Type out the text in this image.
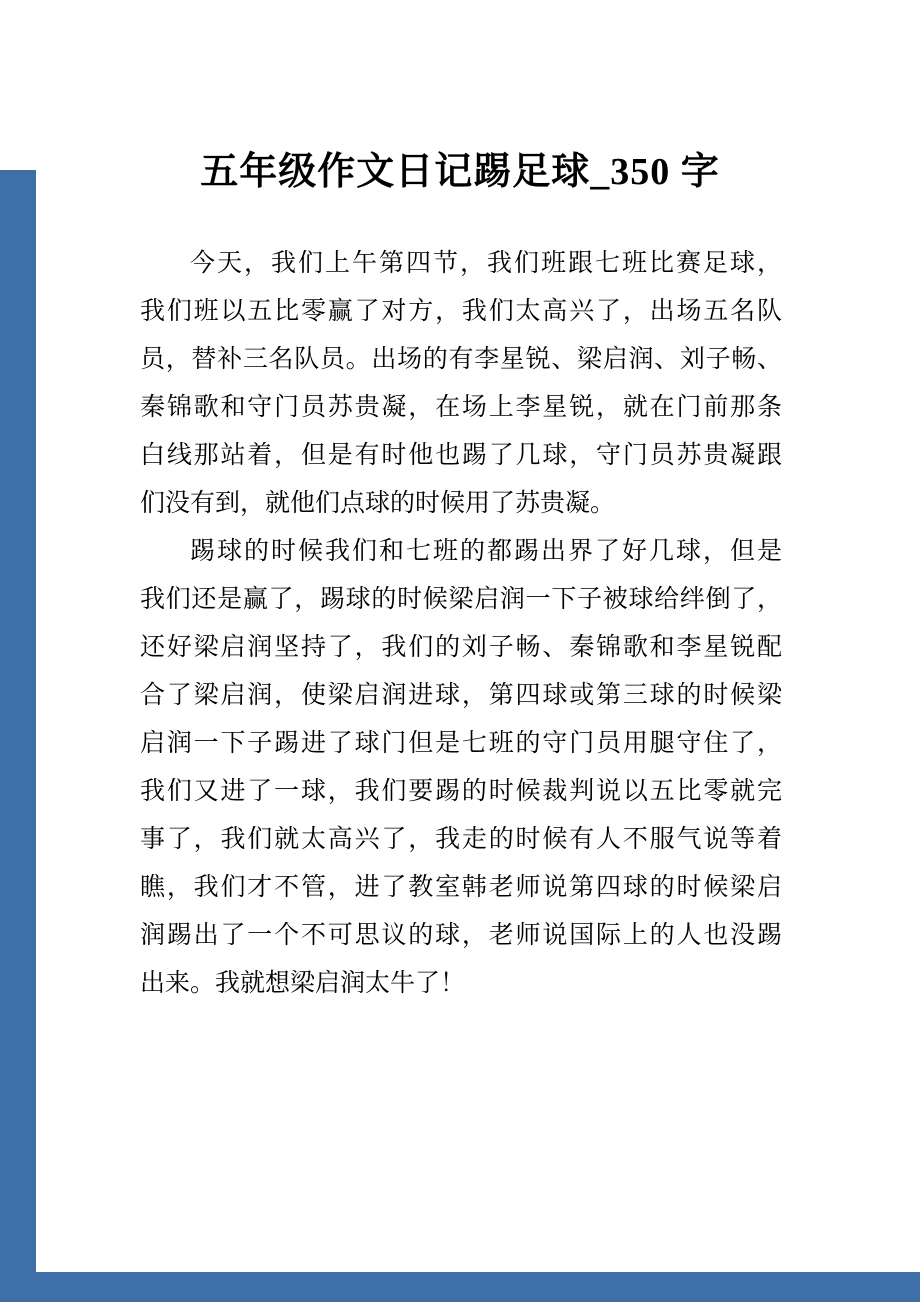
五年级作文日记踢足球_350 字
今天，我们上午第四节，我们班跟七班比赛足球，
我们班以五比零赢了对方，我们太高兴了，出场五名队
员，替补三名队员。出场的有李星锐、梁启润、刘子畅、
秦锦歌和守门员苏贵凝，在场上李星锐，就在门前那条
白线那站着，但是有时他也踢了几球，守门员苏贵凝跟
们没有到，就他们点球的时候用了苏贵凝。
踢球的时候我们和七班的都踢出界了好几球，但是
我们还是赢了，踢球的时候梁启润一下子被球给绊倒了，
还好梁启润坚持了，我们的刘子畅、秦锦歌和李星锐配
合了梁启润，使梁启润进球，第四球或第三球的时候梁
启润一下子踢进了球门但是七班的守门员用腿守住了，
我们又进了一球，我们要踢的时候裁判说以五比零就完
事了，我们就太高兴了，我走的时候有人不服气说等着
瞧，我们才不管，进了教室韩老师说第四球的时候梁启
润踢出了一个不可思议的球，老师说国际上的人也没踢
出来。我就想梁启润太牛了！
